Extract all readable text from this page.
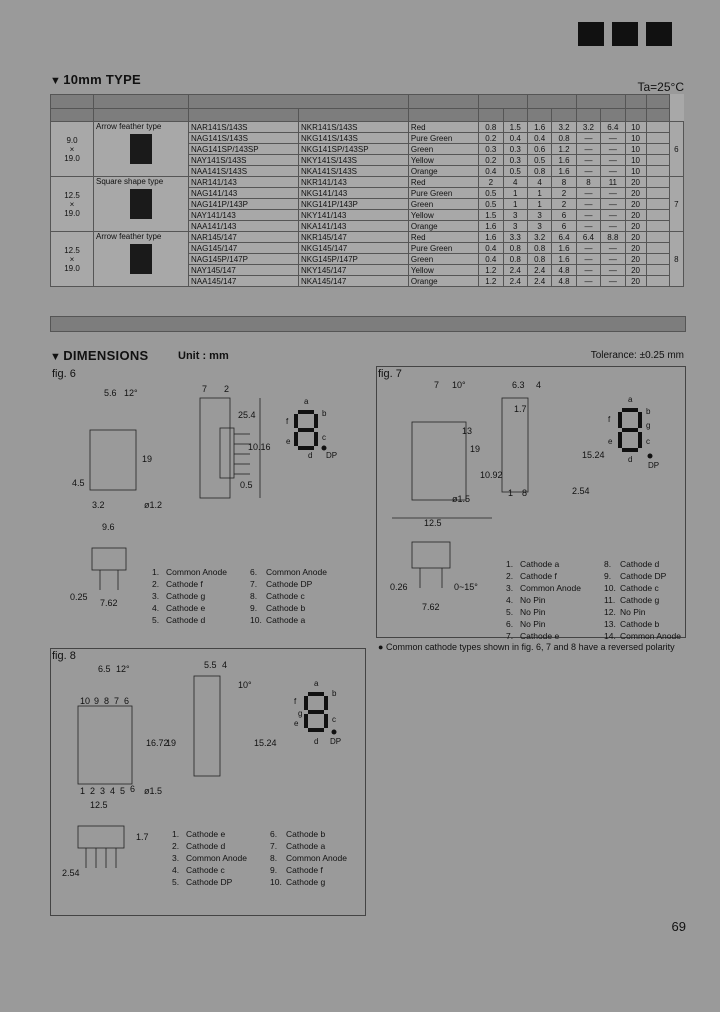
▼ 10mm TYPE	Ta=25°C

9.0
×
19.0	Arrow feather type	NAR141S/143S	NKR141S/143S	Red	0.8	1.5	1.6	3.2	3.2	6.4	10		6
		NAG141S/143S	NKG141S/143S	Pure Green	0.2	0.4	0.4	0.8	—	—	10		
		NAG141SP/143SP	NKG141SP/143SP	Green	0.3	0.3	0.6	1.2	—	—	10		
		NAY141S/143S	NKY141S/143S	Yellow	0.2	0.3	0.5	1.6	—	—	10		
		NAA141S/143S	NKA141S/143S	Orange	0.4	0.5	0.8	1.6	—	—	10		

12.5
×
19.0	Square shape type	NAR141/143	NKR141/143	Red	2	4	4	8	8	11	20		7
		NAG141/143	NKG141/143	Pure Green	0.5	1	1	2	—	—	20		
		NAG141P/143P	NKG141P/143P	Green	0.5	1	1	2	—	—	20		
		NAY141/143	NKY141/143	Yellow	1.5	3	3	6	—	—	20		
		NAA141/143	NKA141/143	Orange	1.6	3	3	6	—	—	20		

12.5
×
19.0	Arrow feather type	NAR145/147	NKR145/147	Red	1.6	3.3	3.2	6.4	6.4	8.8	20		8
		NAG145/147	NKG145/147	Pure Green	0.4	0.8	0.8	1.6	—	—	20		
		NAG145P/147P	NKG145P/147P	Green	0.4	0.8	0.8	1.6	—	—	20		
		NAY145/147	NKY145/147	Yellow	1.2	2.4	2.4	4.8	—	—	20		
		NAA145/147	NKA145/147	Orange	1.2	2.4	2.4	4.8	—	—	20		
▼ DIMENSIONS	Unit : mm	Tolerance: ±0.25 mm
fig. 6	fig. 7
fig. 8
5.6 12°	7 2
25.4
19
0.5
10.16
4.5
3.2
9.6
ø1.2
0.25
7.62
a
f
b
e	c
d DP
1. Common Anode	6.	Common Anode
2. Cathode f	7.	Cathode DP
3. Cathode g	8.	Cathode c
4. Cathode e	9.	Cathode b
5. Cathode d	10. Cathode a
7 10°	6.3 4
1.7
13
15.24
10.92
19
ø1.5
12.5
2.54
0.26
7.62
0~15°
1 8
a
f
b
g
e	c
d
DP
1. Cathode a	8.	Cathode d
2. Cathode f	9.	Cathode DP
3. Common Anode	10. Cathode c
4. No Pin	11. Cathode g
5. No Pin	12. No Pin
6. No Pin	13. Cathode b
7. Cathode e	14. Common Anode
● Common cathode types shown in fig. 6, 7 and 8 have a reversed polarity
6.5 12°	5.5 4
10°
10 9 8 7 6
16.72
19	15.24
1 2 3 4 5 6 ø1.5
12.5
1.7
2.54
a
f
b
g
e	c
d DP
1. Cathode e	6.	Cathode b
2. Cathode d	7.	Cathode a
3. Common Anode	8.	Common Anode
4. Cathode c	9.	Cathode f
5. Cathode DP	10. Cathode g
69
